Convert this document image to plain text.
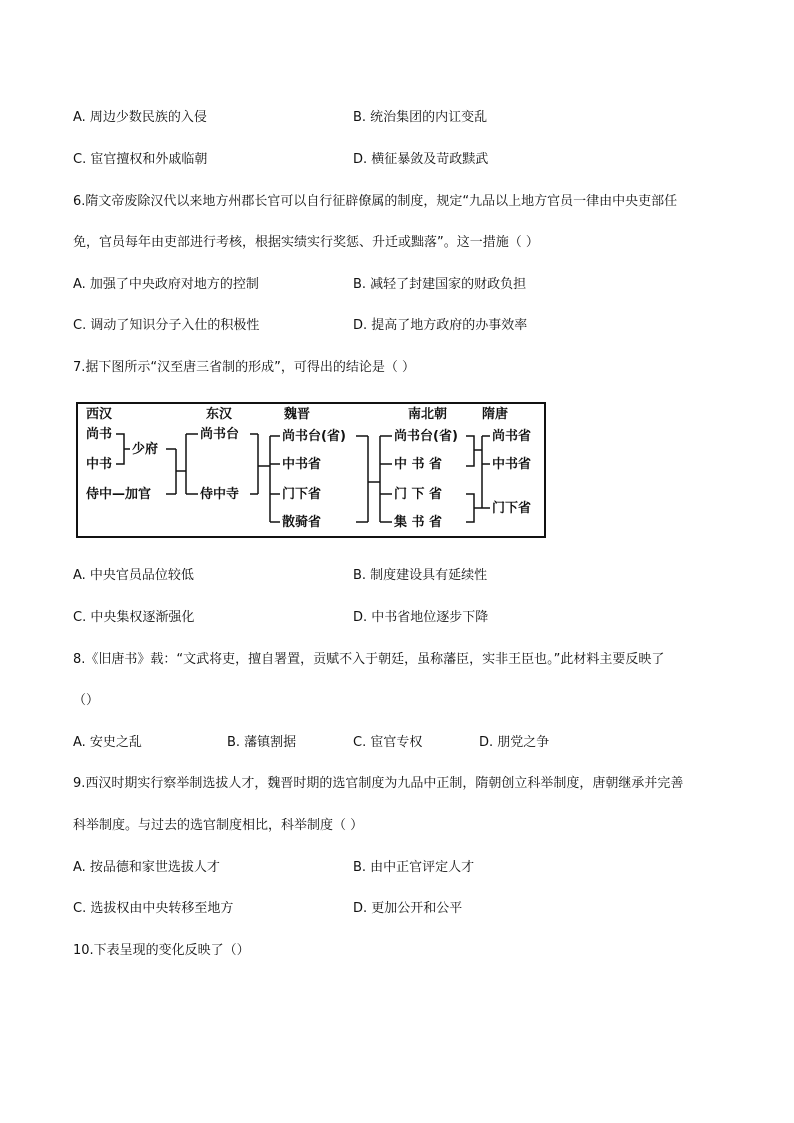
A. 周边少数民族的入侵	B. 统治集团的内讧变乱
C. 宦官擅权和外戚临朝	D. 横征暴敛及苛政黩武
6.隋文帝废除汉代以来地方州郡长官可以自行征辟僚属的制度，规定“九品以上地方官员一律由中央吏部任
免，官员每年由吏部进行考核，根据实绩实行奖惩、升迁或黜落”。这一措施（ ）
A. 加强了中央政府对地方的控制	B. 减轻了封建国家的财政负担
C. 调动了知识分子入仕的积极性	D. 提高了地方政府的办事效率
7.据下图所示“汉至唐三省制的形成”，可得出的结论是（ ）
西汉	东汉	魏晋	南北朝	隋唐
尚书
中书
少府
侍中—加官
尚书台
侍中寺
尚书台(省)
中书省
门下省
散骑省
尚书台(省)
中 书 省
门 下 省
集 书 省
尚书省
中书省
门下省
A. 中央官员品位较低	B. 制度建设具有延续性
C. 中央集权逐渐强化	D. 中书省地位逐步下降
8.《旧唐书》载：“文武将吏，擅自署置，贡赋不入于朝廷，虽称藩臣，实非王臣也。”此材料主要反映了
（）
A. 安史之乱	B. 藩镇割据	C. 宦官专权	D. 朋党之争
9.西汉时期实行察举制选拔人才，魏晋时期的选官制度为九品中正制，隋朝创立科举制度，唐朝继承并完善
科举制度。与过去的选官制度相比，科举制度（ ）
A. 按品德和家世选拔人才	B. 由中正官评定人才
C. 选拔权由中央转移至地方	D. 更加公开和公平
10.下表呈现的变化反映了（）
